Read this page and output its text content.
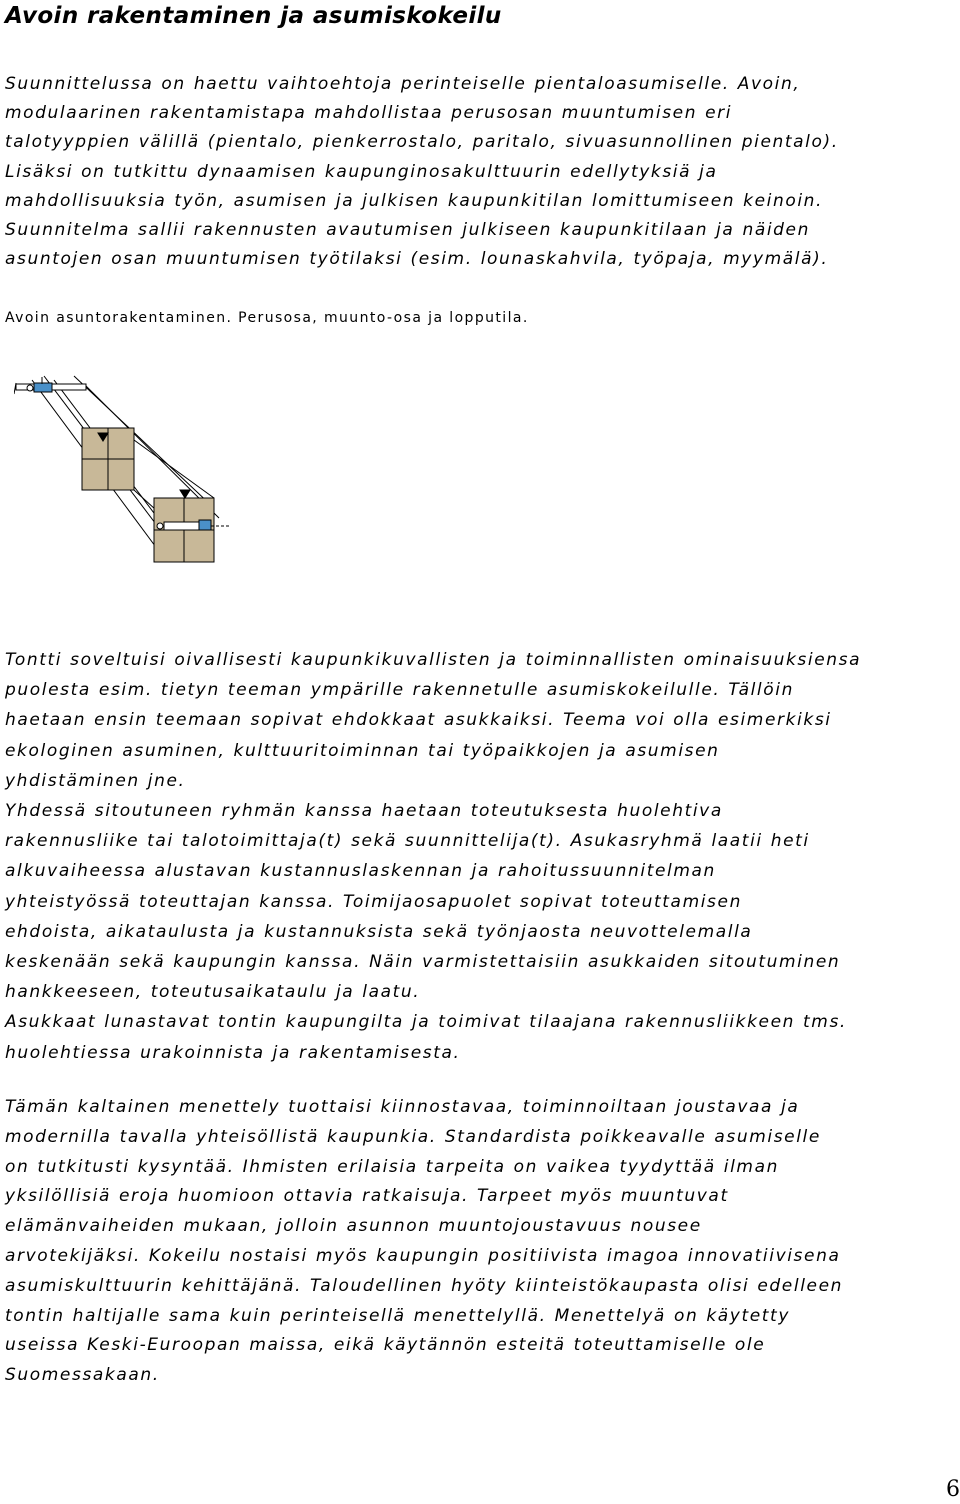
Avoin rakentaminen ja asumiskokeilu
Suunnittelussa on haettu vaihtoehtoja perinteiselle pientaloasumiselle. Avoin,
modulaarinen rakentamistapa mahdollistaa perusosan muuntumisen eri
talotyyppien välillä (pientalo, pienkerrostalo, paritalo, sivuasunnollinen pientalo).
Lisäksi on tutkittu dynaamisen kaupunginosakulttuurin edellytyksiä ja
mahdollisuuksia työn, asumisen ja julkisen kaupunkitilan lomittumiseen keinoin.
Suunnitelma sallii rakennusten avautumisen julkiseen kaupunkitilaan ja näiden
asuntojen osan muuntumisen työtilaksi (esim. lounaskahvila, työpaja, myymälä).

Avoin asuntorakentaminen. Perusosa, muunto-osa ja lopputila.

Tontti soveltuisi oivallisesti kaupunkikuvallisten ja toiminnallisten ominaisuuksiensa
puolesta esim. tietyn teeman ympärille rakennetulle asumiskokeilulle. Tällöin
haetaan ensin teemaan sopivat ehdokkaat asukkaiksi. Teema voi olla esimerkiksi
ekologinen asuminen, kulttuuritoiminnan tai työpaikkojen ja asumisen
yhdistäminen jne.
Yhdessä sitoutuneen ryhmän kanssa haetaan toteutuksesta huolehtiva
rakennusliike tai talotoimittaja(t) sekä suunnittelija(t). Asukasryhmä laatii heti
alkuvaiheessa alustavan kustannuslaskennan ja rahoitussuunnitelman
yhteistyössä toteuttajan kanssa. Toimijaosapuolet sopivat toteuttamisen
ehdoista, aikataulusta ja kustannuksista sekä työnjaosta neuvottelemalla
keskenään sekä kaupungin kanssa. Näin varmistettaisiin asukkaiden sitoutuminen
hankkeeseen, toteutusaikataulu ja laatu.
Asukkaat lunastavat tontin kaupungilta ja toimivat tilaajana rakennusliikkeen tms.
huolehtiessa urakoinnista ja rakentamisesta.
Tämän kaltainen menettely tuottaisi kiinnostavaa, toiminnoiltaan joustavaa ja
modernilla tavalla yhteisöllistä kaupunkia. Standardista poikkeavalle asumiselle
on tutkitusti kysyntää. Ihmisten erilaisia tarpeita on vaikea tyydyttää ilman
yksilöllisiä eroja huomioon ottavia ratkaisuja. Tarpeet myös muuntuvat
elämänvaiheiden mukaan, jolloin asunnon muuntojoustavuus nousee
arvotekijäksi. Kokeilu nostaisi myös kaupungin positiivista imagoa innovatiivisena
asumiskulttuurin kehittäjänä. Taloudellinen hyöty kiinteistökaupasta olisi edelleen
tontin haltijalle sama kuin perinteisellä menettelyllä. Menettelyä on käytetty
useissa Keski-Euroopan maissa, eikä käytännön esteitä toteuttamiselle ole
Suomessakaan.

6
